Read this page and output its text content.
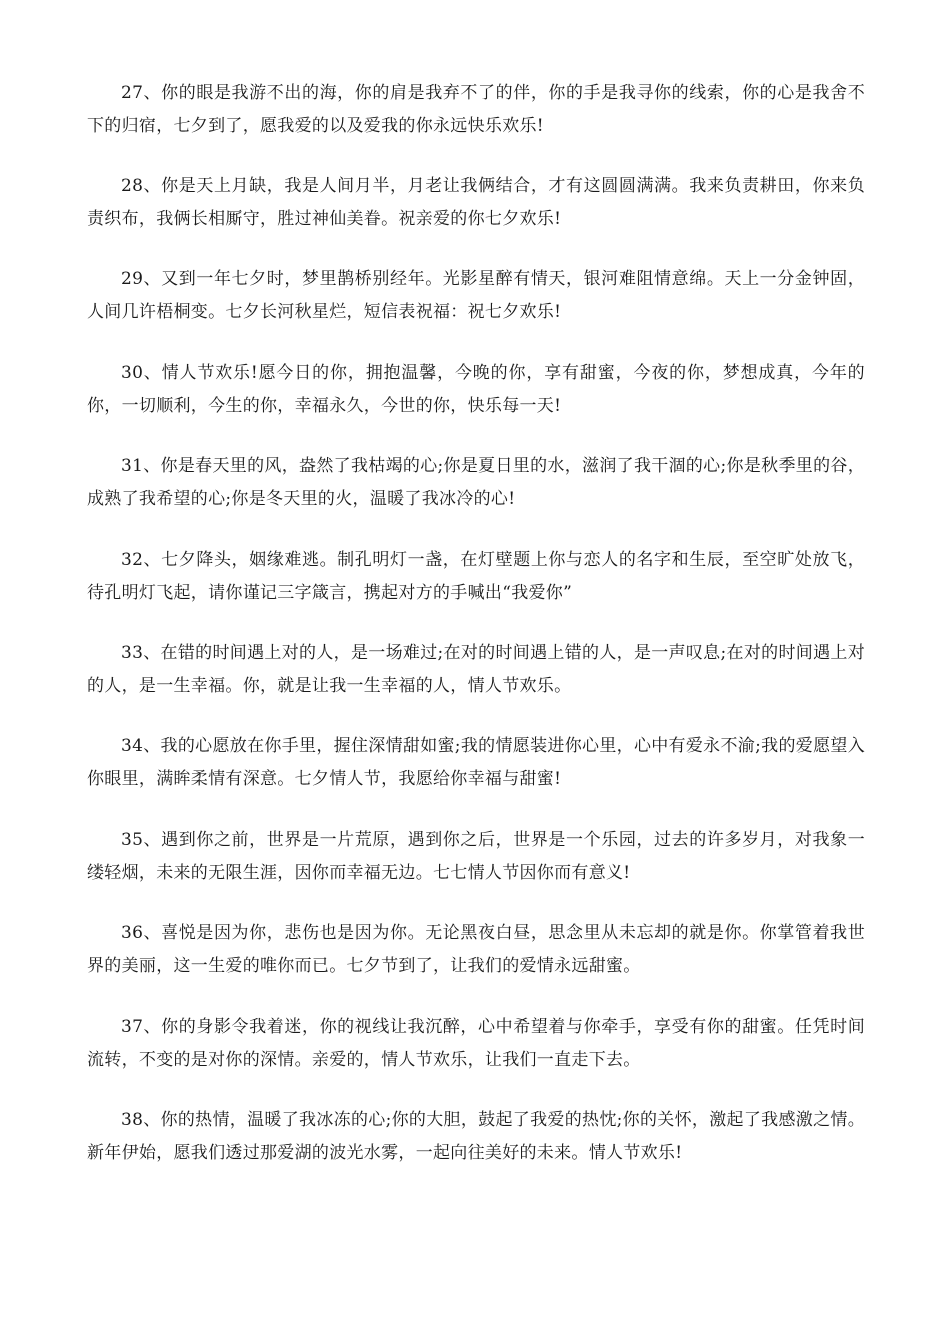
27、你的眼是我游不出的海，你的肩是我弃不了的伴，你的手是我寻你的线索，你的心是我舍不下的归宿，七夕到了，愿我爱的以及爱我的你永远快乐欢乐!

28、你是天上月缺，我是人间月半，月老让我俩结合，才有这圆圆满满。我来负责耕田，你来负责织布，我俩长相厮守，胜过神仙美眷。祝亲爱的你七夕欢乐!

29、又到一年七夕时，梦里鹊桥别经年。光影星醉有情天，银河难阻情意绵。天上一分金钟固，人间几许梧桐变。七夕长河秋星烂，短信表祝福：祝七夕欢乐!

30、情人节欢乐!愿今日的你，拥抱温馨，今晚的你，享有甜蜜，今夜的你，梦想成真，今年的你，一切顺利，今生的你，幸福永久，今世的你，快乐每一天!

31、你是春天里的风，盎然了我枯竭的心;你是夏日里的水，滋润了我干涸的心;你是秋季里的谷，成熟了我希望的心;你是冬天里的火，温暖了我冰冷的心!

32、七夕降头，姻缘难逃。制孔明灯一盏，在灯壁题上你与恋人的名字和生辰，至空旷处放飞，待孔明灯飞起，请你谨记三字箴言，携起对方的手喊出“我爱你”

33、在错的时间遇上对的人，是一场难过;在对的时间遇上错的人，是一声叹息;在对的时间遇上对的人，是一生幸福。你，就是让我一生幸福的人，情人节欢乐。

34、我的心愿放在你手里，握住深情甜如蜜;我的情愿装进你心里，心中有爱永不渝;我的爱愿望入你眼里，满眸柔情有深意。七夕情人节，我愿给你幸福与甜蜜!

35、遇到你之前，世界是一片荒原，遇到你之后，世界是一个乐园，过去的许多岁月，对我象一缕轻烟，未来的无限生涯，因你而幸福无边。七七情人节因你而有意义!

36、喜悦是因为你，悲伤也是因为你。无论黑夜白昼，思念里从未忘却的就是你。你掌管着我世界的美丽，这一生爱的唯你而已。七夕节到了，让我们的爱情永远甜蜜。

37、你的身影令我着迷，你的视线让我沉醉，心中希望着与你牵手，享受有你的甜蜜。任凭时间流转，不变的是对你的深情。亲爱的，情人节欢乐，让我们一直走下去。

38、你的热情，温暖了我冰冻的心;你的大胆，鼓起了我爱的热忱;你的关怀，激起了我感激之情。新年伊始，愿我们透过那爱湖的波光水雾，一起向往美好的未来。情人节欢乐!
